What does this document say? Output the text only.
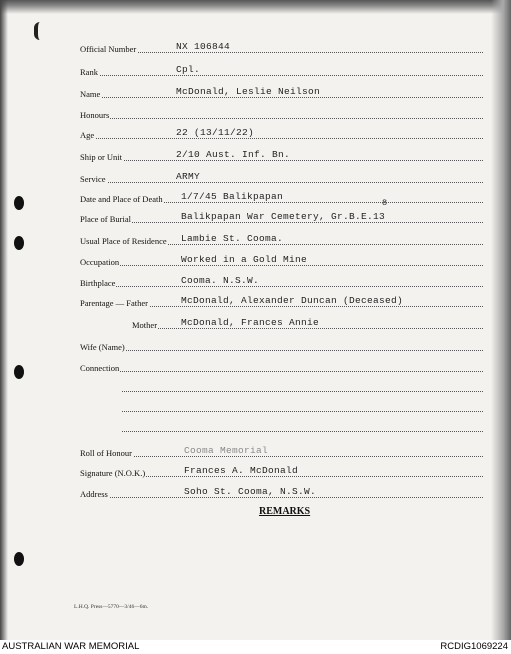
Official Number	NX 106844
Rank	Cpl.
Name	McDonald, Leslie Neilson
Honours
Age	22 (13/11/22)
Ship or Unit	2/10 Aust. Inf. Bn.
Service	ARMY
Date and Place of Death 1/7/45 Balikpapan
Place of Burial	Balikpapan War Cemetery, Gr.B.E.13
8
Usual Place of Residence Lambie St. Cooma.
Occupation	Worked in a Gold Mine
Birthplace	Cooma. N.S.W.
Parentage — Father	McDonald, Alexander Duncan (Deceased)
Mother	McDonald, Frances Annie
Wife (Name)
Connection
Roll of Honour	Cooma Memorial
Signature (N.O.K.)	Frances A. McDonald
Address	Soho St. Cooma, N.S.W.
REMARKS
L.H.Q. Press—5770—3/46—6m.
AUSTRALIAN WAR MEMORIAL	RCDIG1069224
